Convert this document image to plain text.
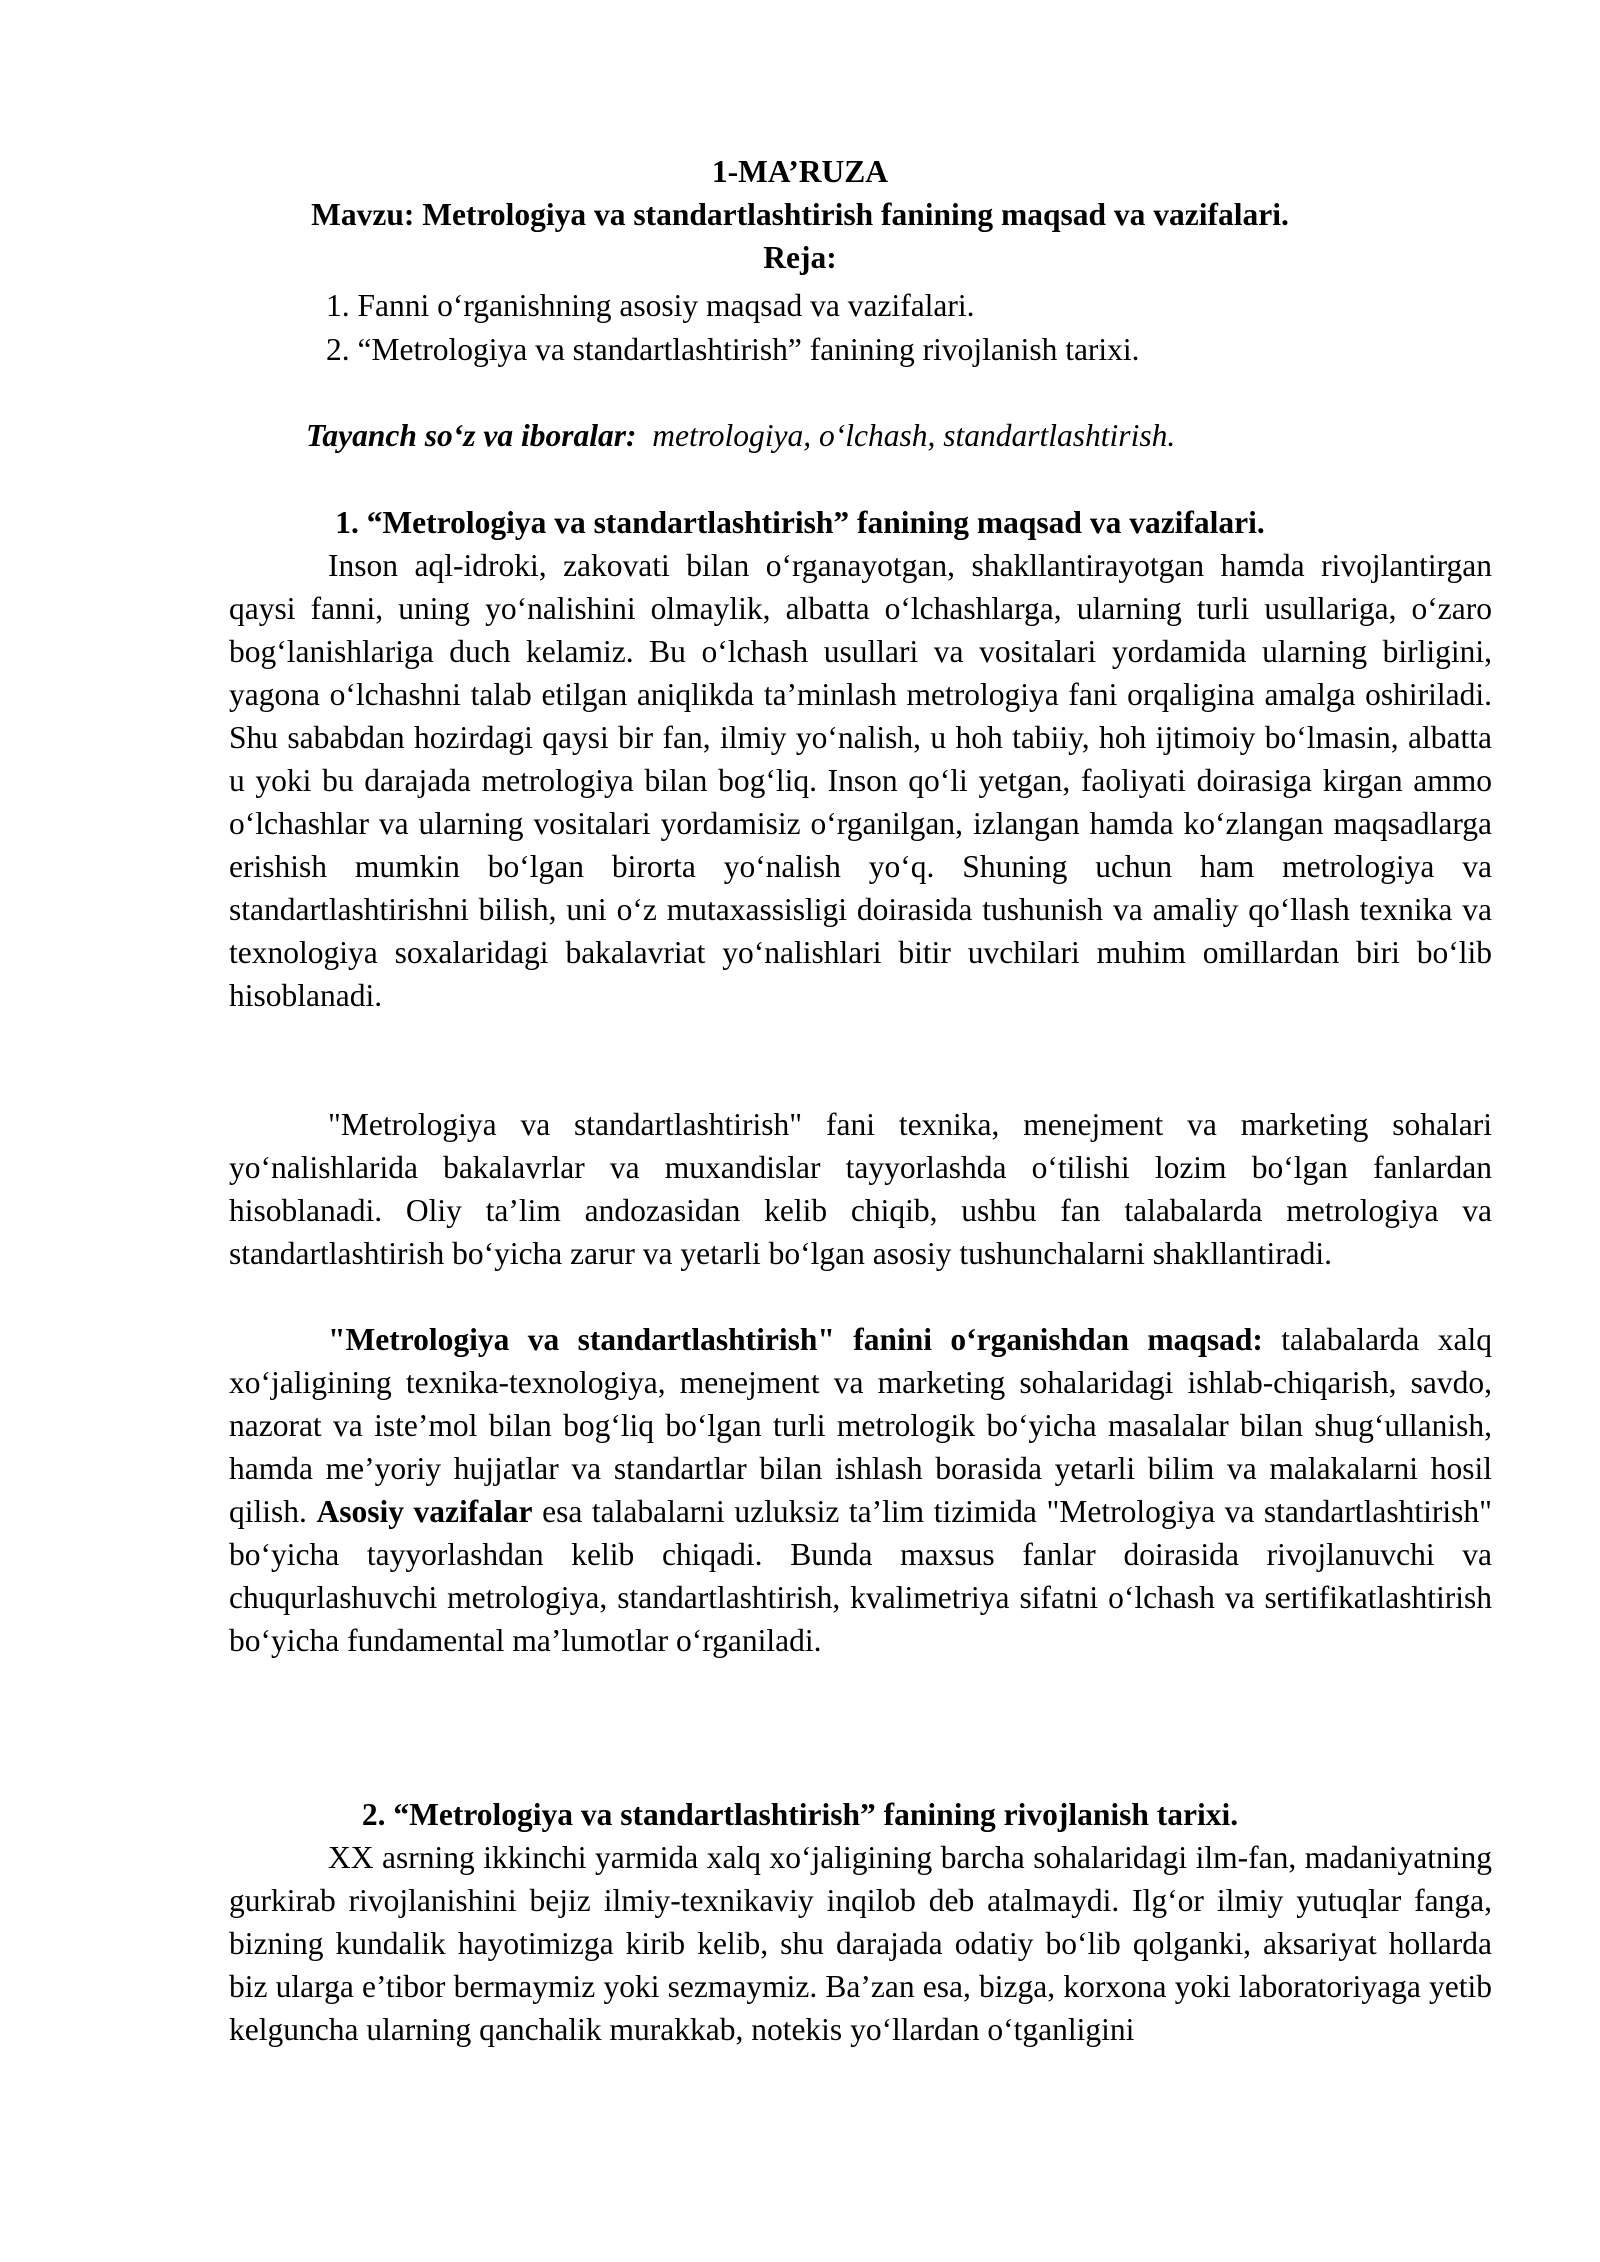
1-MA’RUZA
Mavzu: Metrologiya va standartlashtirish fanining maqsad va vazifalari.
Reja:
1. Fanni o‘rganishning asosiy maqsad va vazifalari.
2. “Metrologiya va standartlashtirish” fanining rivojlanish tarixi.
Tayanch so‘z va iboralar: metrologiya, o‘lchash, standartlashtirish.
1. “Metrologiya va standartlashtirish” fanining maqsad va vazifalari.
Inson aql-idroki, zakovati bilan o‘rganayotgan, shakllantirayotgan hamda rivojlantirgan qaysi fanni, uning yo‘nalishini olmaylik, albatta o‘lchashlarga, ularning turli usullariga, o‘zaro bog‘lanishlariga duch kelamiz. Bu o‘lchash usullari va vositalari yordamida ularning birligini, yagona o‘lchashni talab etilgan aniqlikda ta’minlash metrologiya fani orqaligina amalga oshiriladi. Shu sababdan hozirdagi qaysi bir fan, ilmiy yo‘nalish, u hoh tabiiy, hoh ijtimoiy bo‘lmasin, albatta u yoki bu darajada metrologiya bilan bog‘liq. Inson qo‘li yetgan, faoliyati doirasiga kirgan ammo o‘lchashlar va ularning vositalari yordamisiz o‘rganilgan, izlangan hamda ko‘zlangan maqsadlarga erishish mumkin bo‘lgan birorta yo‘nalish yo‘q. Shuning uchun ham metrologiya va standartlashtirishni bilish, uni o‘z mutaxassisligi doirasida tushunish va amaliy qo‘llash texnika va texnologiya soxalaridagi bakalavriat yo‘nalishlari bitir uvchilari muhim omillardan biri bo‘lib hisoblanadi.
"Metrologiya va standartlashtirish" fani texnika, menejment va marketing sohalari yo‘nalishlarida bakalavrlar va muxandislar tayyorlashda o‘tilishi lozim bo‘lgan fanlardan hisoblanadi. Oliy ta’lim andozasidan kelib chiqib, ushbu fan talabalarda metrologiya va standartlashtirish bo‘yicha zarur va yetarli bo‘lgan asosiy tushunchalarni shakllantiradi.
"Metrologiya va standartlashtirish" fanini o‘rganishdan maqsad: talabalarda xalq xo‘jaligining texnika-texnologiya, menejment va marketing sohalaridagi ishlab-chiqarish, savdo, nazorat va iste’mol bilan bog‘liq bo‘lgan turli metrologik bo‘yicha masalalar bilan shug‘ullanish, hamda me’yoriy hujjatlar va standartlar bilan ishlash borasida yetarli bilim va malakalarni hosil qilish. Asosiy vazifalar esa talabalarni uzluksiz ta’lim tizimida "Metrologiya va standartlashtirish" bo‘yicha tayyorlashdan kelib chiqadi. Bunda maxsus fanlar doirasida rivojlanuvchi va chuqurlashuvchi metrologiya, standartlashtirish, kvalimetriya sifatni o‘lchash va sertifikatlashtirish bo‘yicha fundamental ma’lumotlar o‘rganiladi.
2. “Metrologiya va standartlashtirish” fanining rivojlanish tarixi.
XX asrning ikkinchi yarmida xalq xo‘jaligining barcha sohalaridagi ilm-fan, madaniyatning gurkirab rivojlanishini bejiz ilmiy-texnikaviy inqilob deb atalmaydi. Ilg‘or ilmiy yutuqlar fanga, bizning kundalik hayotimizga kirib kelib, shu darajada odatiy bo‘lib qolganki, aksariyat hollarda biz ularga e’tibor bermaymiz yoki sezmaymiz. Ba’zan esa, bizga, korxona yoki laboratoriyaga yetib kelguncha ularning qanchalik murakkab, notekis yo‘llardan o‘tganligini
